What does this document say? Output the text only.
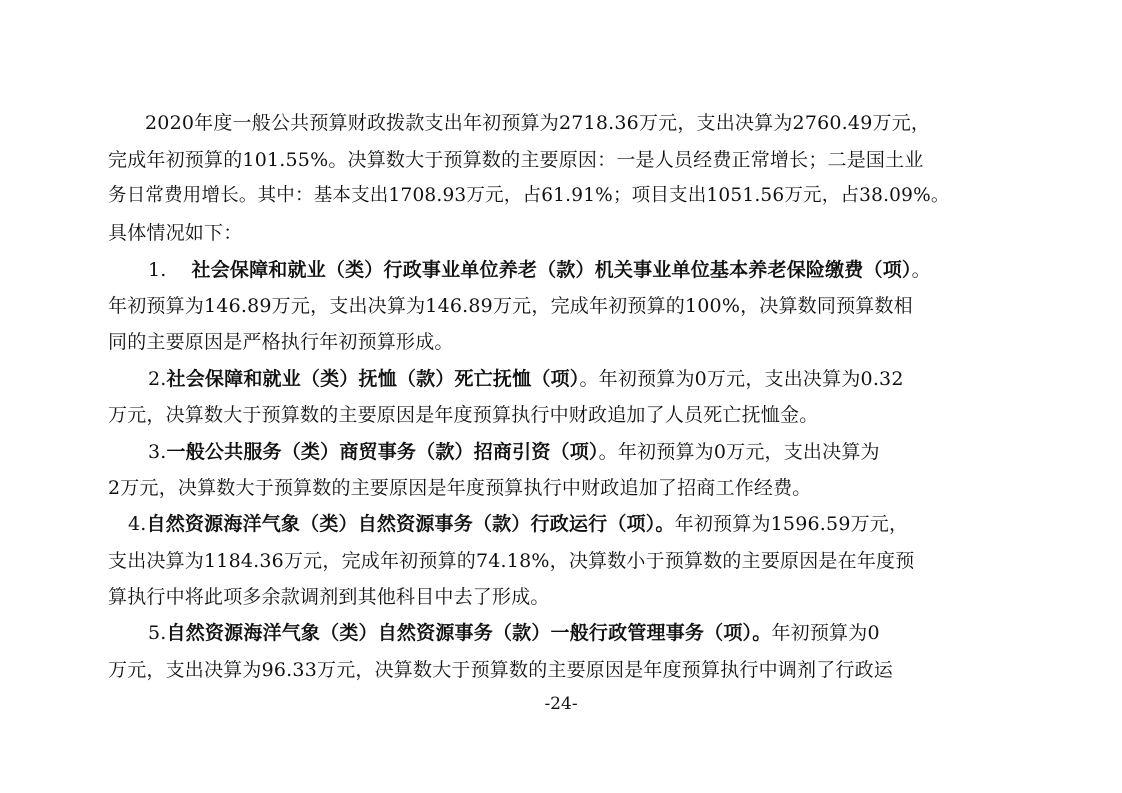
2020年度一般公共预算财政拨款支出年初预算为2718.36万元，支出决算为2760.49万元，
完成年初预算的101.55%。决算数大于预算数的主要原因：一是人员经费正常增长；二是国土业
务日常费用增长。其中：基本支出1708.93万元，占61.91%；项目支出1051.56万元，占38.09%。
具体情况如下：
1. 社会保障和就业（类）行政事业单位养老（款）机关事业单位基本养老保险缴费（项）。
年初预算为146.89万元，支出决算为146.89万元，完成年初预算的100%，决算数同预算数相
同的主要原因是严格执行年初预算形成。
2.社会保障和就业（类）抚恤（款）死亡抚恤（项）。年初预算为0万元，支出决算为0.32
万元，决算数大于预算数的主要原因是年度预算执行中财政追加了人员死亡抚恤金。
3.一般公共服务（类）商贸事务（款）招商引资（项）。年初预算为0万元，支出决算为
2万元，决算数大于预算数的主要原因是年度预算执行中财政追加了招商工作经费。
4.自然资源海洋气象（类）自然资源事务（款）行政运行（项）。年初预算为1596.59万元，
支出决算为1184.36万元，完成年初预算的74.18%，决算数小于预算数的主要原因是在年度预
算执行中将此项多余款调剂到其他科目中去了形成。
5.自然资源海洋气象（类）自然资源事务（款）一般行政管理事务（项）。年初预算为0
万元，支出决算为96.33万元，决算数大于预算数的主要原因是年度预算执行中调剂了行政运
-24-
